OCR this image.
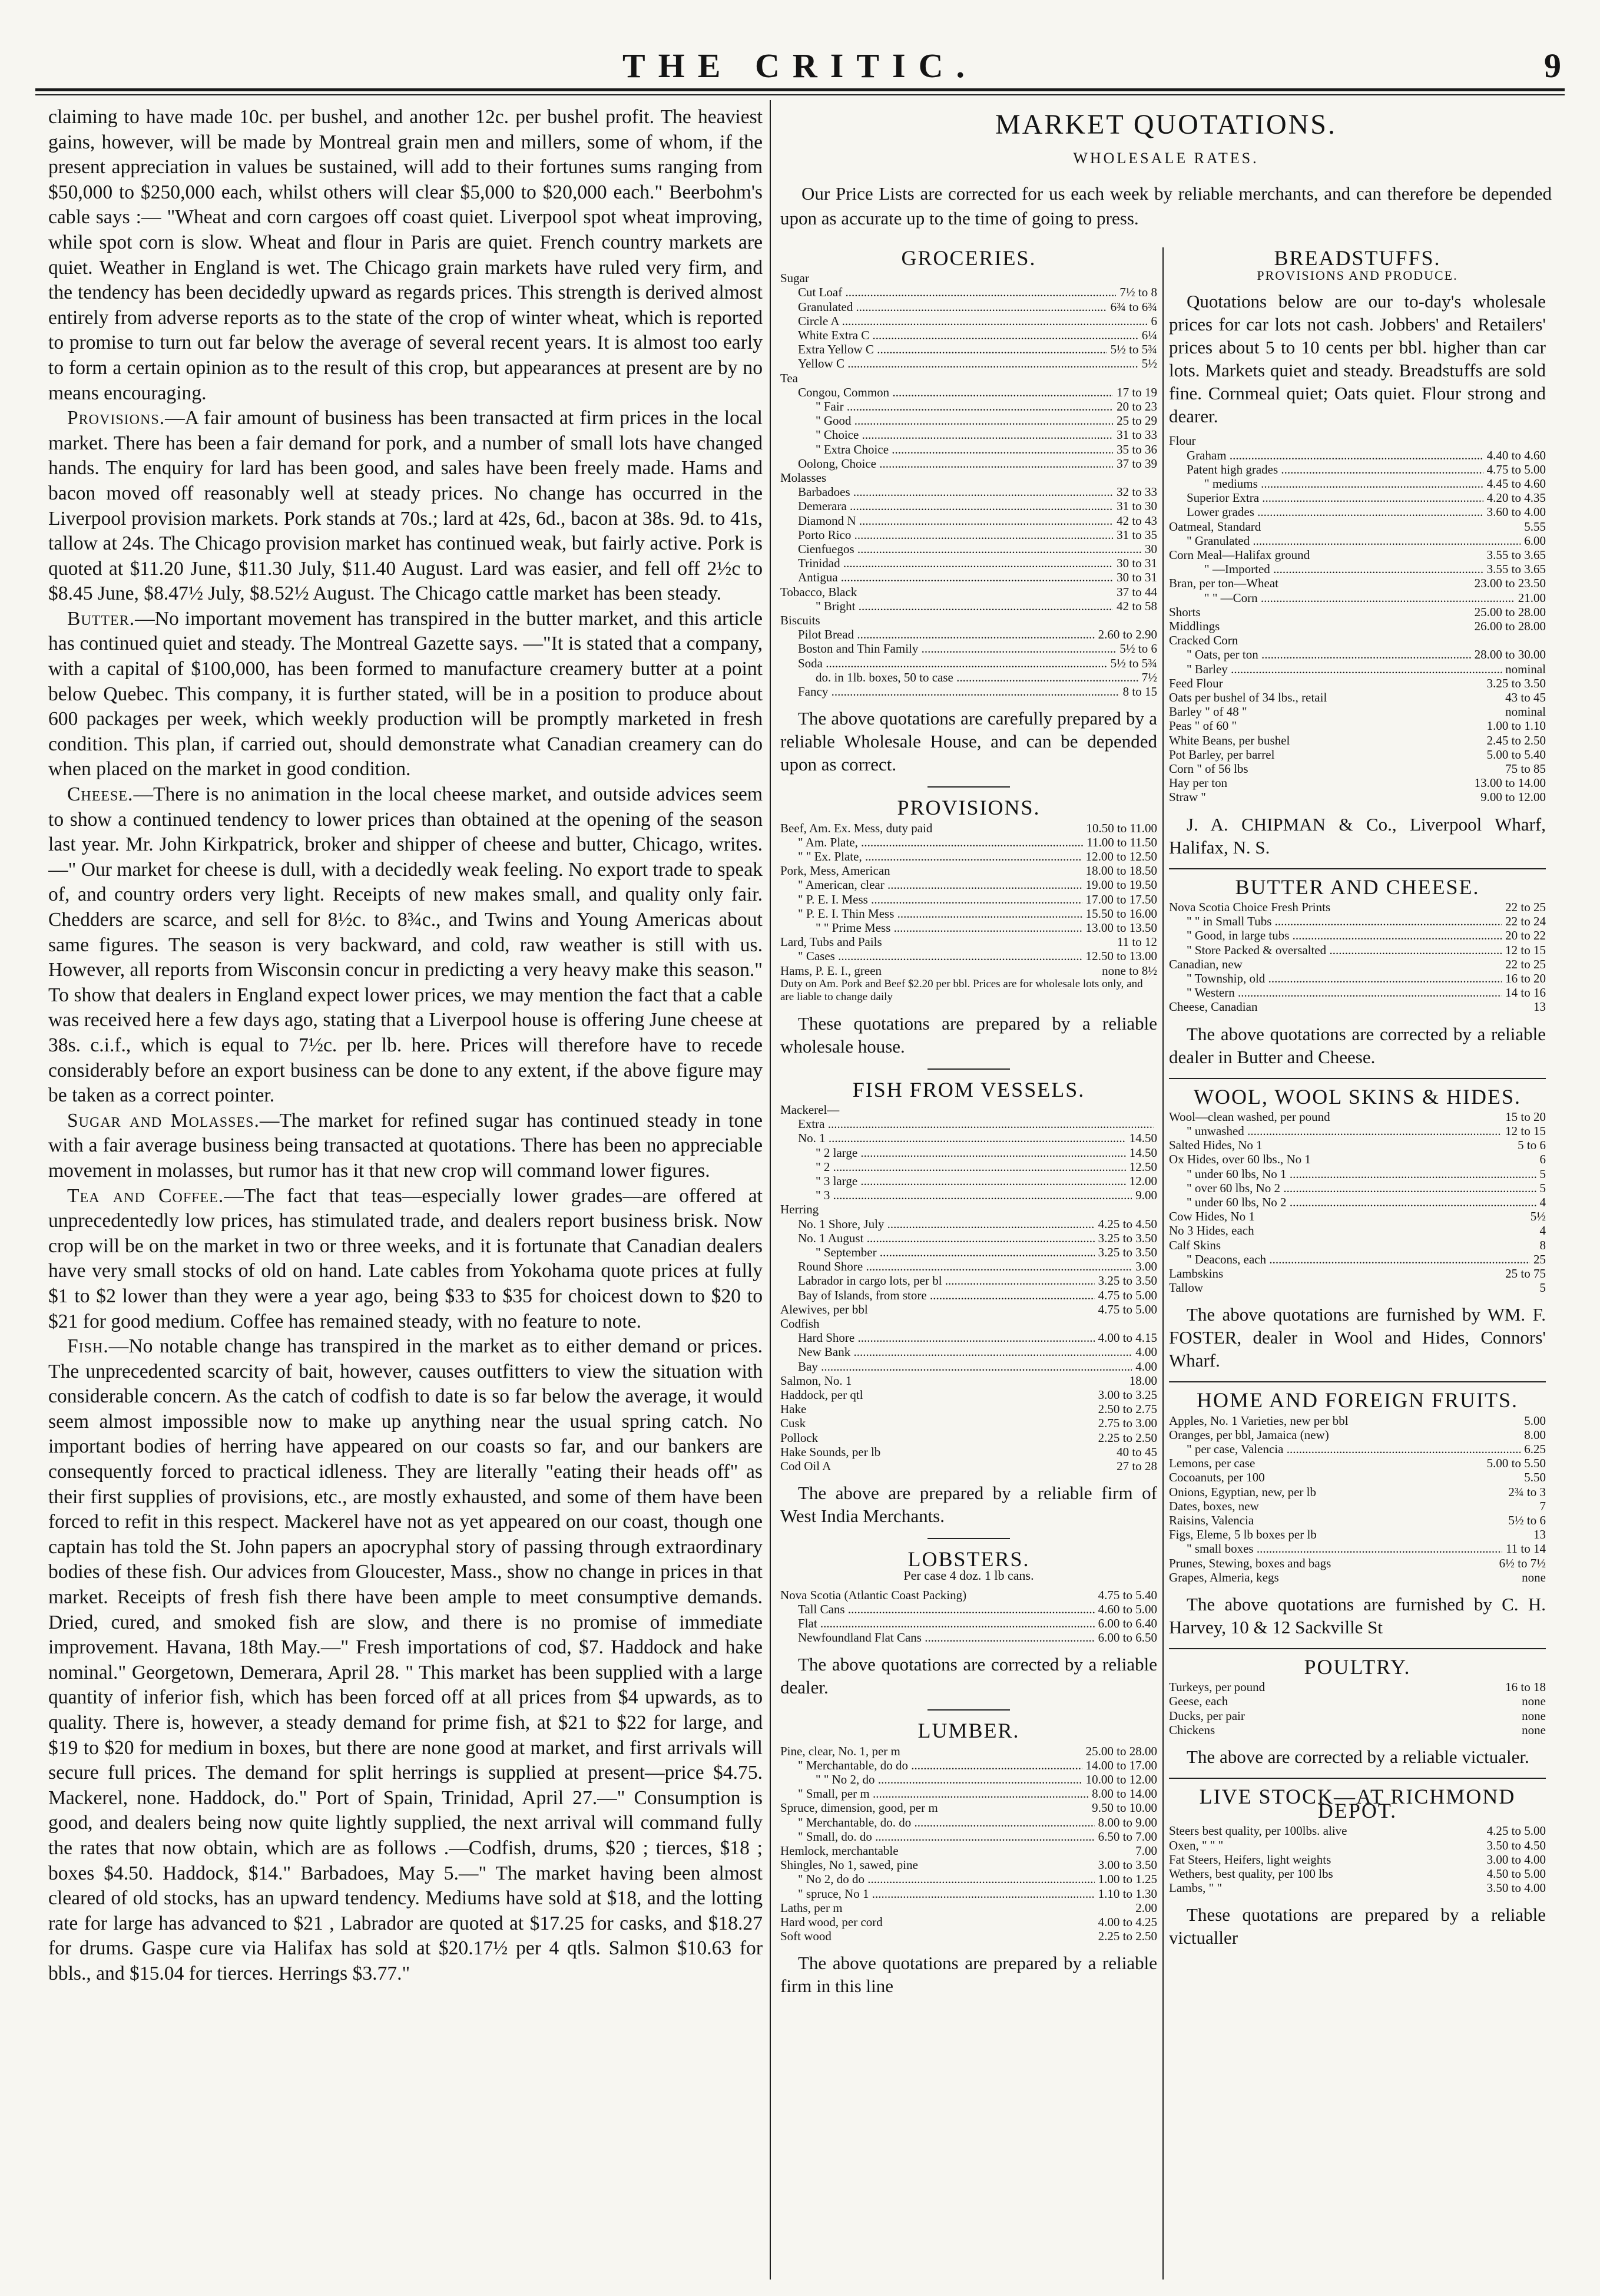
THE CRITIC.	9

claiming to have made 10c. per bushel, and another 12c. per bushel profit. The heaviest gains, however, will be made by Montreal grain men and millers, some of whom, if the present appreciation in values be sustained, will add to their fortunes sums ranging from $50,000 to $250,000 each, whilst others will clear $5,000 to $20,000 each." Beerbohm's cable says :— "Wheat and corn cargoes off coast quiet. Liverpool spot wheat improving, while spot corn is slow. Wheat and flour in Paris are quiet. French country markets are quiet. Weather in England is wet. The Chicago grain markets have ruled very firm, and the tendency has been decidedly upward as regards prices. This strength is derived almost entirely from adverse reports as to the state of the crop of winter wheat, which is reported to promise to turn out far below the average of several recent years. It is almost too early to form a certain opinion as to the result of this crop, but appearances at present are by no means encouraging.

Provisions.—A fair amount of business has been transacted at firm prices in the local market. There has been a fair demand for pork, and a number of small lots have changed hands. The enquiry for lard has been good, and sales have been freely made. Hams and bacon moved off reasonably well at steady prices. No change has occurred in the Liverpool provision markets. Pork stands at 70s.; lard at 42s, 6d., bacon at 38s. 9d. to 41s, tallow at 24s. The Chicago provision market has continued weak, but fairly active. Pork is quoted at $11.20 June, $11.30 July, $11.40 August. Lard was easier, and fell off 2½c to $8.45 June, $8.47½ July, $8.52½ August. The Chicago cattle market has been steady.

Butter.—No important movement has transpired in the butter market, and this article has continued quiet and steady. The Montreal Gazette says. —"It is stated that a company, with a capital of $100,000, has been formed to manufacture creamery butter at a point below Quebec. This company, it is further stated, will be in a position to produce about 600 packages per week, which weekly production will be promptly marketed in fresh condition. This plan, if carried out, should demonstrate what Canadian creamery can do when placed on the market in good condition.

Cheese.—There is no animation in the local cheese market, and outside advices seem to show a continued tendency to lower prices than obtained at the opening of the season last year. Mr. John Kirkpatrick, broker and shipper of cheese and butter, Chicago, writes.—" Our market for cheese is dull, with a decidedly weak feeling. No export trade to speak of, and country orders very light. Receipts of new makes small, and quality only fair. Chedders are scarce, and sell for 8½c. to 8¾c., and Twins and Young Americas about same figures. The season is very backward, and cold, raw weather is still with us. However, all reports from Wisconsin concur in predicting a very heavy make this season." To show that dealers in England expect lower prices, we may mention the fact that a cable was received here a few days ago, stating that a Liverpool house is offering June cheese at 38s. c.i.f., which is equal to 7½c. per lb. here. Prices will therefore have to recede considerably before an export business can be done to any extent, if the above figure may be taken as a correct pointer.

Sugar and Molasses.—The market for refined sugar has continued steady in tone with a fair average business being transacted at quotations. There has been no appreciable movement in molasses, but rumor has it that new crop will command lower figures.

Tea and Coffee.—The fact that teas—especially lower grades—are offered at unprecedentedly low prices, has stimulated trade, and dealers report business brisk. Now crop will be on the market in two or three weeks, and it is fortunate that Canadian dealers have very small stocks of old on hand. Late cables from Yokohama quote prices at fully $1 to $2 lower than they were a year ago, being $33 to $35 for choicest down to $20 to $21 for good medium. Coffee has remained steady, with no feature to note.

Fish.—No notable change has transpired in the market as to either demand or prices. The unprecedented scarcity of bait, however, causes outfitters to view the situation with considerable concern. As the catch of codfish to date is so far below the average, it would seem almost impossible now to make up anything near the usual spring catch. No important bodies of herring have appeared on our coasts so far, and our bankers are consequently forced to practical idleness. They are literally "eating their heads off" as their first supplies of provisions, etc., are mostly exhausted, and some of them have been forced to refit in this respect. Mackerel have not as yet appeared on our coast, though one captain has told the St. John papers an apocryphal story of passing through extraordinary bodies of these fish. Our advices from Gloucester, Mass., show no change in prices in that market. Receipts of fresh fish there have been ample to meet consumptive demands. Dried, cured, and smoked fish are slow, and there is no promise of immediate improvement. Havana, 18th May.—" Fresh importations of cod, $7. Haddock and hake nominal." Georgetown, Demerara, April 28. " This market has been supplied with a large quantity of inferior fish, which has been forced off at all prices from $4 upwards, as to quality. There is, however, a steady demand for prime fish, at $21 to $22 for large, and $19 to $20 for medium in boxes, but there are none good at market, and first arrivals will secure full prices. The demand for split herrings is supplied at present—price $4.75. Mackerel, none. Haddock, do." Port of Spain, Trinidad, April 27.—" Consumption is good, and dealers being now quite lightly supplied, the next arrival will command fully the rates that now obtain, which are as follows .—Codfish, drums, $20 ; tierces, $18 ; boxes $4.50. Haddock, $14." Barbadoes, May 5.—" The market having been almost cleared of old stocks, has an upward tendency. Mediums have sold at $18, and the lotting rate for large has advanced to $21 , Labrador are quoted at $17.25 for casks, and $18.27 for drums. Gaspe cure via Halifax has sold at $20.17½ per 4 qtls. Salmon $10.63 for bbls., and $15.04 for tierces. Herrings $3.77."

MARKET QUOTATIONS.
WHOLESALE RATES.
Our Price Lists are corrected for us each week by reliable merchants, and can therefore be depended upon as accurate up to the time of going to press.
GROCERIES.
Sugar
Cut Loaf .....	7½ to 8
Granulated .....	6¾ to 6¾
Circle A .....	6
White Extra C .....	6¼
Extra Yellow C .....	5½ to 5¾
Yellow C .....	5½
Tea
Congou, Common .....	17 to 19
" Fair .....	20 to 23
" Good .....	25 to 29
" Choice .....	31 to 33
" Extra Choice .....	35 to 36
Oolong, Choice .....	37 to 39
Molasses
Barbadoes .....	32 to 33
Demerara .....	31 to 30
Diamond N .....	42 to 43
Porto Rico .....	31 to 35
Cienfuegos .....	30
Trinidad .....	30 to 31
Antigua .....	30 to 31
Tobacco, Black	37 to 44
" Bright .....	42 to 58
Biscuits
Pilot Bread .....	2.60 to 2.90
Boston and Thin Family .....	5½ to 6
Soda .....	5½ to 5¾
do. in 1lb. boxes, 50 to case .....	7½
Fancy .....	8 to 15
The above quotations are carefully prepared by a reliable Wholesale House, and can be depended upon as correct.
PROVISIONS.
Beef, Am. Ex. Mess, duty paid	10.50 to 11.00
" Am. Plate, .....	11.00 to 11.50
" " Ex. Plate, .....	12.00 to 12.50
Pork, Mess, American	18.00 to 18.50
" American, clear .....	19.00 to 19.50
" P. E. I. Mess .....	17.00 to 17.50
" P. E. I. Thin Mess .....	15.50 to 16.00
" " Prime Mess .....	13.00 to 13.50
Lard, Tubs and Pails	11 to 12
" Cases .....	12.50 to 13.00
Hams, P. E. I., green	none to 8½
Duty on Am. Pork and Beef $2.20 per bbl. Prices are for wholesale lots only, and are liable to change daily
These quotations are prepared by a reliable wholesale house.
FISH FROM VESSELS.
Mackerel—
Extra .....
No. 1 .....	14.50
" 2 large .....	14.50
" 2 .....	12.50
" 3 large .....	12.00
" 3 .....	9.00
Herring
No. 1 Shore, July .....	4.25 to 4.50
No. 1 August .....	3.25 to 3.50
" September .....	3.25 to 3.50
Round Shore .....	3.00
Labrador in cargo lots, per bl .....	3.25 to 3.50
Bay of Islands, from store .....	4.75 to 5.00
Alewives, per bbl	4.75 to 5.00
Codfish
Hard Shore .....	4.00 to 4.15
New Bank .....	4.00
Bay .....	4.00
Salmon, No. 1	18.00
Haddock, per qtl	3.00 to 3.25
Hake	2.50 to 2.75
Cusk	2.75 to 3.00
Pollock	2.25 to 2.50
Hake Sounds, per lb	40 to 45
Cod Oil A	27 to 28
The above are prepared by a reliable firm of West India Merchants.
LOBSTERS.
Per case 4 doz. 1 lb cans.
Nova Scotia (Atlantic Coast Packing)	4.75 to 5.40
Tall Cans .....	4.60 to 5.00
Flat .....	6.00 to 6.40
Newfoundland Flat Cans .....	6.00 to 6.50
The above quotations are corrected by a reliable dealer.
LUMBER.
Pine, clear, No. 1, per m	25.00 to 28.00
" Merchantable, do do .....	14.00 to 17.00
" " No 2, do .....	10.00 to 12.00
" Small, per m .....	8.00 to 14.00
Spruce, dimension, good, per m	9.50 to 10.00
" Merchantable, do. do .....	8.00 to 9.00
" Small, do. do .....	6.50 to 7.00
Hemlock, merchantable	7.00
Shingles, No 1, sawed, pine	3.00 to 3.50
" No 2, do do .....	1.00 to 1.25
" spruce, No 1 .....	1.10 to 1.30
Laths, per m	2.00
Hard wood, per cord	4.00 to 4.25
Soft wood	2.25 to 2.50
The above quotations are prepared by a reliable firm in this line
BREADSTUFFS.
PROVISIONS AND PRODUCE.
Quotations below are our to-day's wholesale prices for car lots not cash. Jobbers' and Retailers' prices about 5 to 10 cents per bbl. higher than car lots. Markets quiet and steady. Breadstuffs are sold fine. Cornmeal quiet; Oats quiet. Flour strong and dearer.
Flour
Graham .....	4.40 to 4.60
Patent high grades .....	4.75 to 5.00
" mediums .....	4.45 to 4.60
Superior Extra .....	4.20 to 4.35
Lower grades .....	3.60 to 4.00
Oatmeal, Standard	5.55
" Granulated .....	6.00
Corn Meal—Halifax ground	3.55 to 3.65
" —Imported .....	3.55 to 3.65
Bran, per ton—Wheat	23.00 to 23.50
" " —Corn .....	21.00
Shorts	25.00 to 28.00
Middlings	26.00 to 28.00
Cracked Corn
" Oats, per ton .....	28.00 to 30.00
" Barley .....	nominal
Feed Flour	3.25 to 3.50
Oats per bushel of 34 lbs., retail	43 to 45
Barley " of 48 "	nominal
Peas " of 60 "	1.00 to 1.10
White Beans, per bushel	2.45 to 2.50
Pot Barley, per barrel	5.00 to 5.40
Corn " of 56 lbs	75 to 85
Hay per ton	13.00 to 14.00
Straw "	9.00 to 12.00
J. A. CHIPMAN & Co., Liverpool Wharf, Halifax, N. S.
BUTTER AND CHEESE.
Nova Scotia Choice Fresh Prints	22 to 25
" " in Small Tubs .....	22 to 24
" Good, in large tubs .....	20 to 22
" Store Packed & oversalted .....	12 to 15
Canadian, new	22 to 25
" Township, old .....	16 to 20
" Western .....	14 to 16
Cheese, Canadian	13
The above quotations are corrected by a reliable dealer in Butter and Cheese.
WOOL, WOOL SKINS & HIDES.
Wool—clean washed, per pound	15 to 20
" unwashed .....	12 to 15
Salted Hides, No 1	5 to 6
Ox Hides, over 60 lbs., No 1	6
" under 60 lbs, No 1 .....	5
" over 60 lbs, No 2 .....	5
" under 60 lbs, No 2 .....	4
Cow Hides, No 1	5½
No 3 Hides, each	4
Calf Skins	8
" Deacons, each .....	25
Lambskins	25 to 75
Tallow	5
The above quotations are furnished by WM. F. FOSTER, dealer in Wool and Hides, Connors' Wharf.
HOME AND FOREIGN FRUITS.
Apples, No. 1 Varieties, new per bbl	5.00
Oranges, per bbl, Jamaica (new)	8.00
" per case, Valencia .....	6.25
Lemons, per case	5.00 to 5.50
Cocoanuts, per 100	5.50
Onions, Egyptian, new, per lb	2¾ to 3
Dates, boxes, new	7
Raisins, Valencia	5½ to 6
Figs, Eleme, 5 lb boxes per lb	13
" small boxes .....	11 to 14
Prunes, Stewing, boxes and bags	6½ to 7½
Grapes, Almeria, kegs	none
The above quotations are furnished by C. H. Harvey, 10 & 12 Sackville St
POULTRY.
Turkeys, per pound	16 to 18
Geese, each	none
Ducks, per pair	none
Chickens	none
The above are corrected by a reliable victualer.
LIVE STOCK—AT RICHMOND DEPOT.
Steers best quality, per 100lbs. alive	4.25 to 5.00
Oxen, " " "	3.50 to 4.50
Fat Steers, Heifers, light weights	3.00 to 4.00
Wethers, best quality, per 100 lbs	4.50 to 5.00
Lambs, " "	3.50 to 4.00
These quotations are prepared by a reliable victualler
